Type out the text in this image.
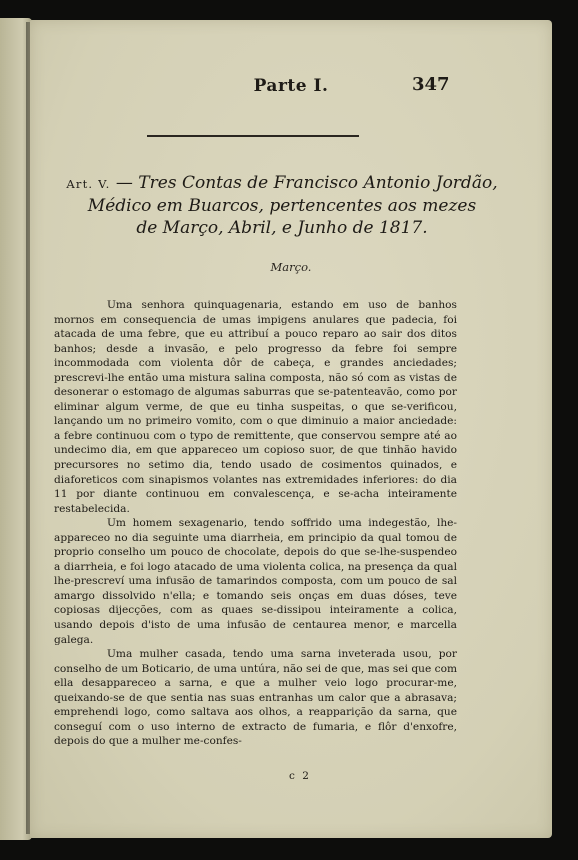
Parte I.	347
Art. V. — Tres Contas de Francisco Antonio Jordão,
Médico em Buarcos, pertencentes aos mezes
de Março, Abril, e Junho de 1817.
Março.

Uma senhora quinquagenaria, estando em uso de banhos mornos em consequencia de umas impigens anulares que padecia, foi atacada de uma febre, que eu attribuí a pouco reparo ao sair dos ditos banhos; desde a invasão, e pelo progresso da febre foi sempre incommodada com violenta dôr de cabeça, e grandes anciedades; prescrevi-lhe então uma mistura salina composta, não só com as vistas de desonerar o estomago de algumas saburras que se-patenteavão, como por eliminar algum verme, de que eu tinha suspeitas, o que se-verificou, lançando um no primeiro vomito, com o que diminuio a maior anciedade: a febre continuou com o typo de remittente, que conservou sempre até ao undecimo dia, em que appareceo um copioso suor, de que tinhão havido precursores no setimo dia, tendo usado de cosimentos quinados, e diaforeticos com sinapismos volantes nas extremidades inferiores: do dia 11 por diante continuou em convalescença, e se-acha inteiramente restabelecida.

Um homem sexagenario, tendo soffrido uma indegestão, lhe-appareceo no dia seguinte uma diarrheia, em principio da qual tomou de proprio conselho um pouco de chocolate, depois do que se-lhe-suspendeo a diarrheia, e foi logo atacado de uma violenta colica, na presença da qual lhe-prescreví uma infusão de tamarindos composta, com um pouco de sal amargo dissolvido n'ella; e tomando seis onças em duas dóses, teve copiosas dijecções, com as quaes se-dissipou inteiramente a colica, usando depois d'isto de uma infusão de centaurea menor, e marcella galega.

Uma mulher casada, tendo uma sarna inveterada usou, por conselho de um Boticario, de uma untúra, não sei de que, mas sei que com ella desappareceo a sarna, e que a mulher veio logo procurar-me, queixando-se de que sentia nas suas entranhas um calor que a abrasava; emprehendi logo, como saltava aos olhos, a reapparição da sarna, que conseguí com o uso interno de extracto de fumaria, e flôr d'enxofre, depois do que a mulher me-confes-

c 2
